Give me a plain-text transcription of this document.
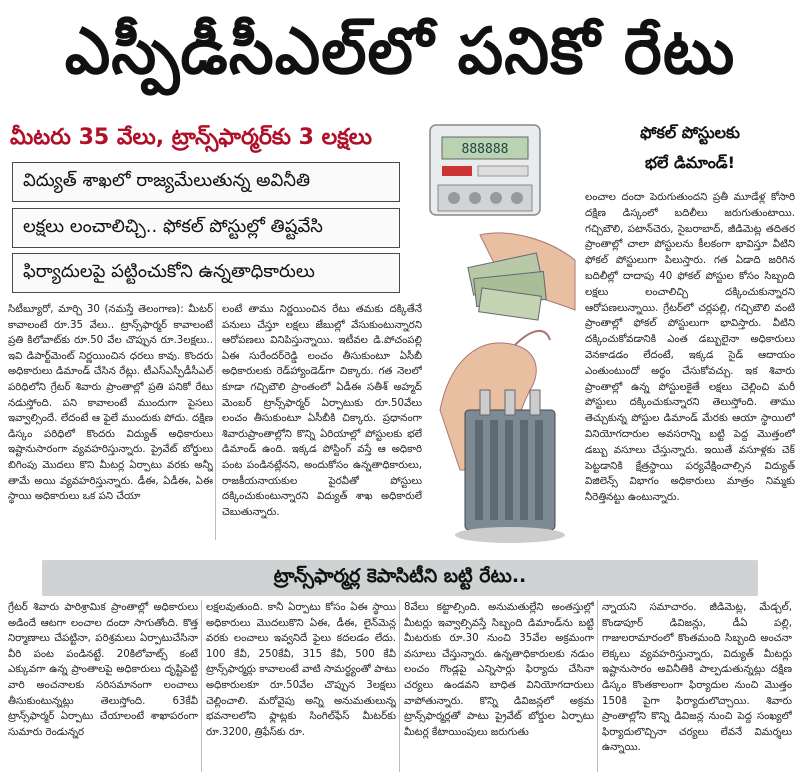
ఎస్పీడీసీఎల్‌లో పనికో రేటు
మీటరు 35 వేలు, ట్రాన్స్‌ఫార్మర్‌కు 3 లక్షలు
విద్యుత్ శాఖలో రాజ్యమేలుతున్న అవినీతి
లక్షలు లంచాలిచ్చి.. ఫోకల్ పోస్టుల్లో తిష్టవేసి
ఫిర్యాదులపై పట్టించుకోని ఉన్నతాధికారులు
సిటీబ్యూరో, మార్చి 30 (నమస్తే తెలంగాణ): మీటర్ కావాలంటే రూ.35 వేలు.. ట్రాన్స్‌ఫార్మర్ కావాలంటే ప్రతి కిలోవాట్‌కు రూ.50 వేల చొప్పున రూ.3లక్షలు.. ఇవి డిపార్ట్‌మెంట్ నిర్ణయించిన ధరలు కావు. కొందరు అధికారులు డిమాండ్ చేసిన రేట్లు. టీఎస్ఎస్పీడీసీఎల్ పరిధిలోని గ్రేటర్ శివారు ప్రాంతాల్లో ప్రతి పనికో రేటు నడుస్తోంది. పని కావాలంటే ముందుగా పైసలు ఇవ్వాల్సిందే. లేదంటే ఆ ఫైలే ముందుకు పోదు. దక్షిణ డిస్కం పరిధిలో కొందరు విద్యుత్ అధికారులు ఇష్టానుసారంగా వ్యవహరిస్తున్నారు. ప్రైవేట్ బోర్డులు బిగింపు మొదలు కొని మీటర్ల ఏర్పాటు వరకు అన్నీ తామే అయి వ్యవహరిస్తున్నారు. డీఈ, ఏడీఈ, ఏఈ స్థాయి అధికారులు ఒక పని చేయా
లంటే తాము నిర్ణయించిన రేటు తమకు దక్కితేనే పనులు చేస్తూ లక్షలు జేబుల్లో వేసుకుంటున్నారని ఆరోపణలు వినిపిస్తున్నాయి. ఇటీవల డి.పోచంపల్లి ఏఈ సురేందర్‌రెడ్డి లంచం తీసుకుంటూ ఏసీబీ అధికారులకు రెడ్‌హ్యాండెడ్‌గా చిక్కారు. గత నెలలో కూడా గచ్చిబౌలి ప్రాంతంలో ఏడీఈ సతీశ్ అహ్మద్ మెంబర్ ట్రాన్స్‌ఫార్మర్ ఏర్పాటుకు రూ.50వేలు లంచం తీసుకుంటూ ఏసీబీకి చిక్కారు. ప్రధానంగా శివారుప్రాంతాల్లోని కొన్ని ఏరియాల్లో పోస్టులకు భలే డిమాండ్ ఉంది. ఇక్కడ పోస్టింగ్ వస్తే ఆ అధికారి పంట పండినట్లేనని, అందుకోసం ఉన్నతాధికారులు, రాజకీయనాయకుల పైరవీతో పోస్టులు దక్కించుకుంటున్నారని విద్యుత్ శాఖ అధికారులే చెబుతున్నారు.
888888
ఫోకల్ పోస్టులకు
భలే డిమాండ్!
లంచాల దందా పెరుగుతుందని ప్రతీ మూడేళ్ల కోసారి దక్షిణ డిస్కంలో బదిలీలు జరుగుతుంటాయి. గచ్చిబౌలి, పటాన్‌చెరు, సైబరాబాద్, జీడిమెట్ల తదితర ప్రాంతాల్లో చాలా పోస్టులను కీలకంగా భావిస్తూ వీటిని ఫోకల్ పోస్టులుగా పిలుస్తారు. గత ఏడాది జరిగిన బదిలీల్లో దాదాపు 40 ఫోకల్ పోస్టుల కోసం సిబ్బంది లక్షలు లంచాలిచ్చి దక్కించుకున్నారని ఆరోపణలున్నాయి. గ్రేటర్‌లో చర్లపల్లి, గచ్చిబౌలి వంటి ప్రాంతాల్లో ఫోకల్ పోస్టులుగా భావిస్తారు. వీటిని దక్కించుకోవడానికి ఎంత డబ్బులైనా అధికారులు వెనకాడడం లేదంటే, ఇక్కడ సైడ్ ఆదాయం ఎంతుంటుందో అర్థం చేసుకోవచ్చు. ఇక శివారు ప్రాంతాల్లో ఉన్న పోస్టులకైతే లక్షలు చెల్లించి మరీ పోస్టులు దక్కించుకున్నారని తెలుస్తోంది. తాము తెచ్చుకున్న పోస్టుల డిమాండ్ మేరకు ఆయా స్థాయిలో వినియోగదారుల అవసరాన్ని బట్టి పెద్ద మొత్తంలో డబ్బు వసూలు చేస్తున్నారు. ఇయితే వసూళ్లకు చెక్ పెట్టడానికి క్షేత్రస్థాయి పర్యవేక్షించాల్సిన విద్యుత్ విజిలెన్స్ విభాగం అధికారులు మాత్రం నిమ్మకు నీరెత్తినట్టు ఉంటున్నారు.
ట్రాన్స్‌ఫార్మర్ల కెపాసిటీని బట్టి రేటు..
గ్రేటర్ శివారు పారిశ్రామిక ప్రాంతాల్లో అధికారులు అడిందే ఆటగా లంచాల దందా సాగుతోంది. కొత్త నిర్మాణాలు చేపట్టినా, పరిశ్రమలు ఏర్పాటుచేసినా వీరి పంట పండినట్టే. 20కిలోవాట్స్ కంటే ఎక్కువగా ఉన్న ప్రాంతాలపై అధికారులు దృష్టిపెట్టి వారి అంచనాలకు సరిసమానంగా లంచాలు తీసుకుంటున్నట్లు తెలుస్తోంది. 63కేవీ ట్రాన్స్‌ఫార్మర్ ఏర్పాటు చేయాలంటే శాఖాపరంగా సుమారు రెండున్నర
లక్షలవుతుంది. కానీ ఏర్పాటు కోసం ఏఈ స్థాయి అధికారులు మొదలుకొని ఏఈ, డీఈ, లైన్‌మెన్ల వరకు లంచాలు ఇవ్వనిదే ఫైలు కదలడం లేదు. 100 కేవీ, 250కేవీ, 315 కేవీ, 500 కేవీ ట్రాన్స్‌ఫార్మర్లు కావాలంటే వాటి సామర్థ్యంతో పాటు అధికారులకూ రూ.50వేల చొప్పున 3లక్షలు చెల్లించాలి. మరోవైపు అన్ని అనుమతులున్న భవనాలలోని ఫ్లాట్లకు సింగిల్‌ఫేస్ మీటర్‌కు రూ.3200, త్రిఫేస్‌కు రూ.
8వేలు కట్టాల్సింది. అనుమతుల్లేని అంతస్తుల్లో మీటర్లు ఇవ్వాల్సివస్తే సిబ్బంది డిమాండ్‌ను బట్టి మీటరుకు రూ.30 నుంచి 35వేల అక్రమంగా వసూలు చేస్తున్నారు. ఉన్నతాధికారులకు నడుం లంచం గొండ్లపై ఎన్నిసార్లు ఫిర్యాదు చేసినా చర్యలు ఉండవని బాధిత వినియోగదారులు వాపోతున్నారు. కొన్ని డివిజన్లలో అక్రమ ట్రాన్స్‌ఫార్మర్లతో పాటు ప్రైవేట్ బోర్డుల ఏర్పాటు మీటర్ల కేటాయింపులు జరుగుతు
న్నాయని సమాచారం. జీడిమెట్ల, మేడ్చల్, కొండాపూర్ డివిజన్లు, డీఏ పల్లి, గాజులరామారంలో కొంతమంది సిబ్బంది అంచనా లెక్కలు వ్యవహరిస్తున్నారు, విద్యుత్ మీటర్లు ఇష్టానుసారం అవినీతికి పాల్పడుతున్నట్లు దక్షిణ డిస్కం కొంతకాలంగా ఫిర్యాదుల నుంచి మొత్తం 150కి పైగా ఫిర్యాదులొచ్చాయి. శివారు ప్రాంతాల్లోని కొన్ని డివిజన్ల నుంచి పెద్ద సంఖ్యలో ఫిర్యాదులొచ్చినా చర్యలు లేవనే విమర్శలు ఉన్నాయి.
